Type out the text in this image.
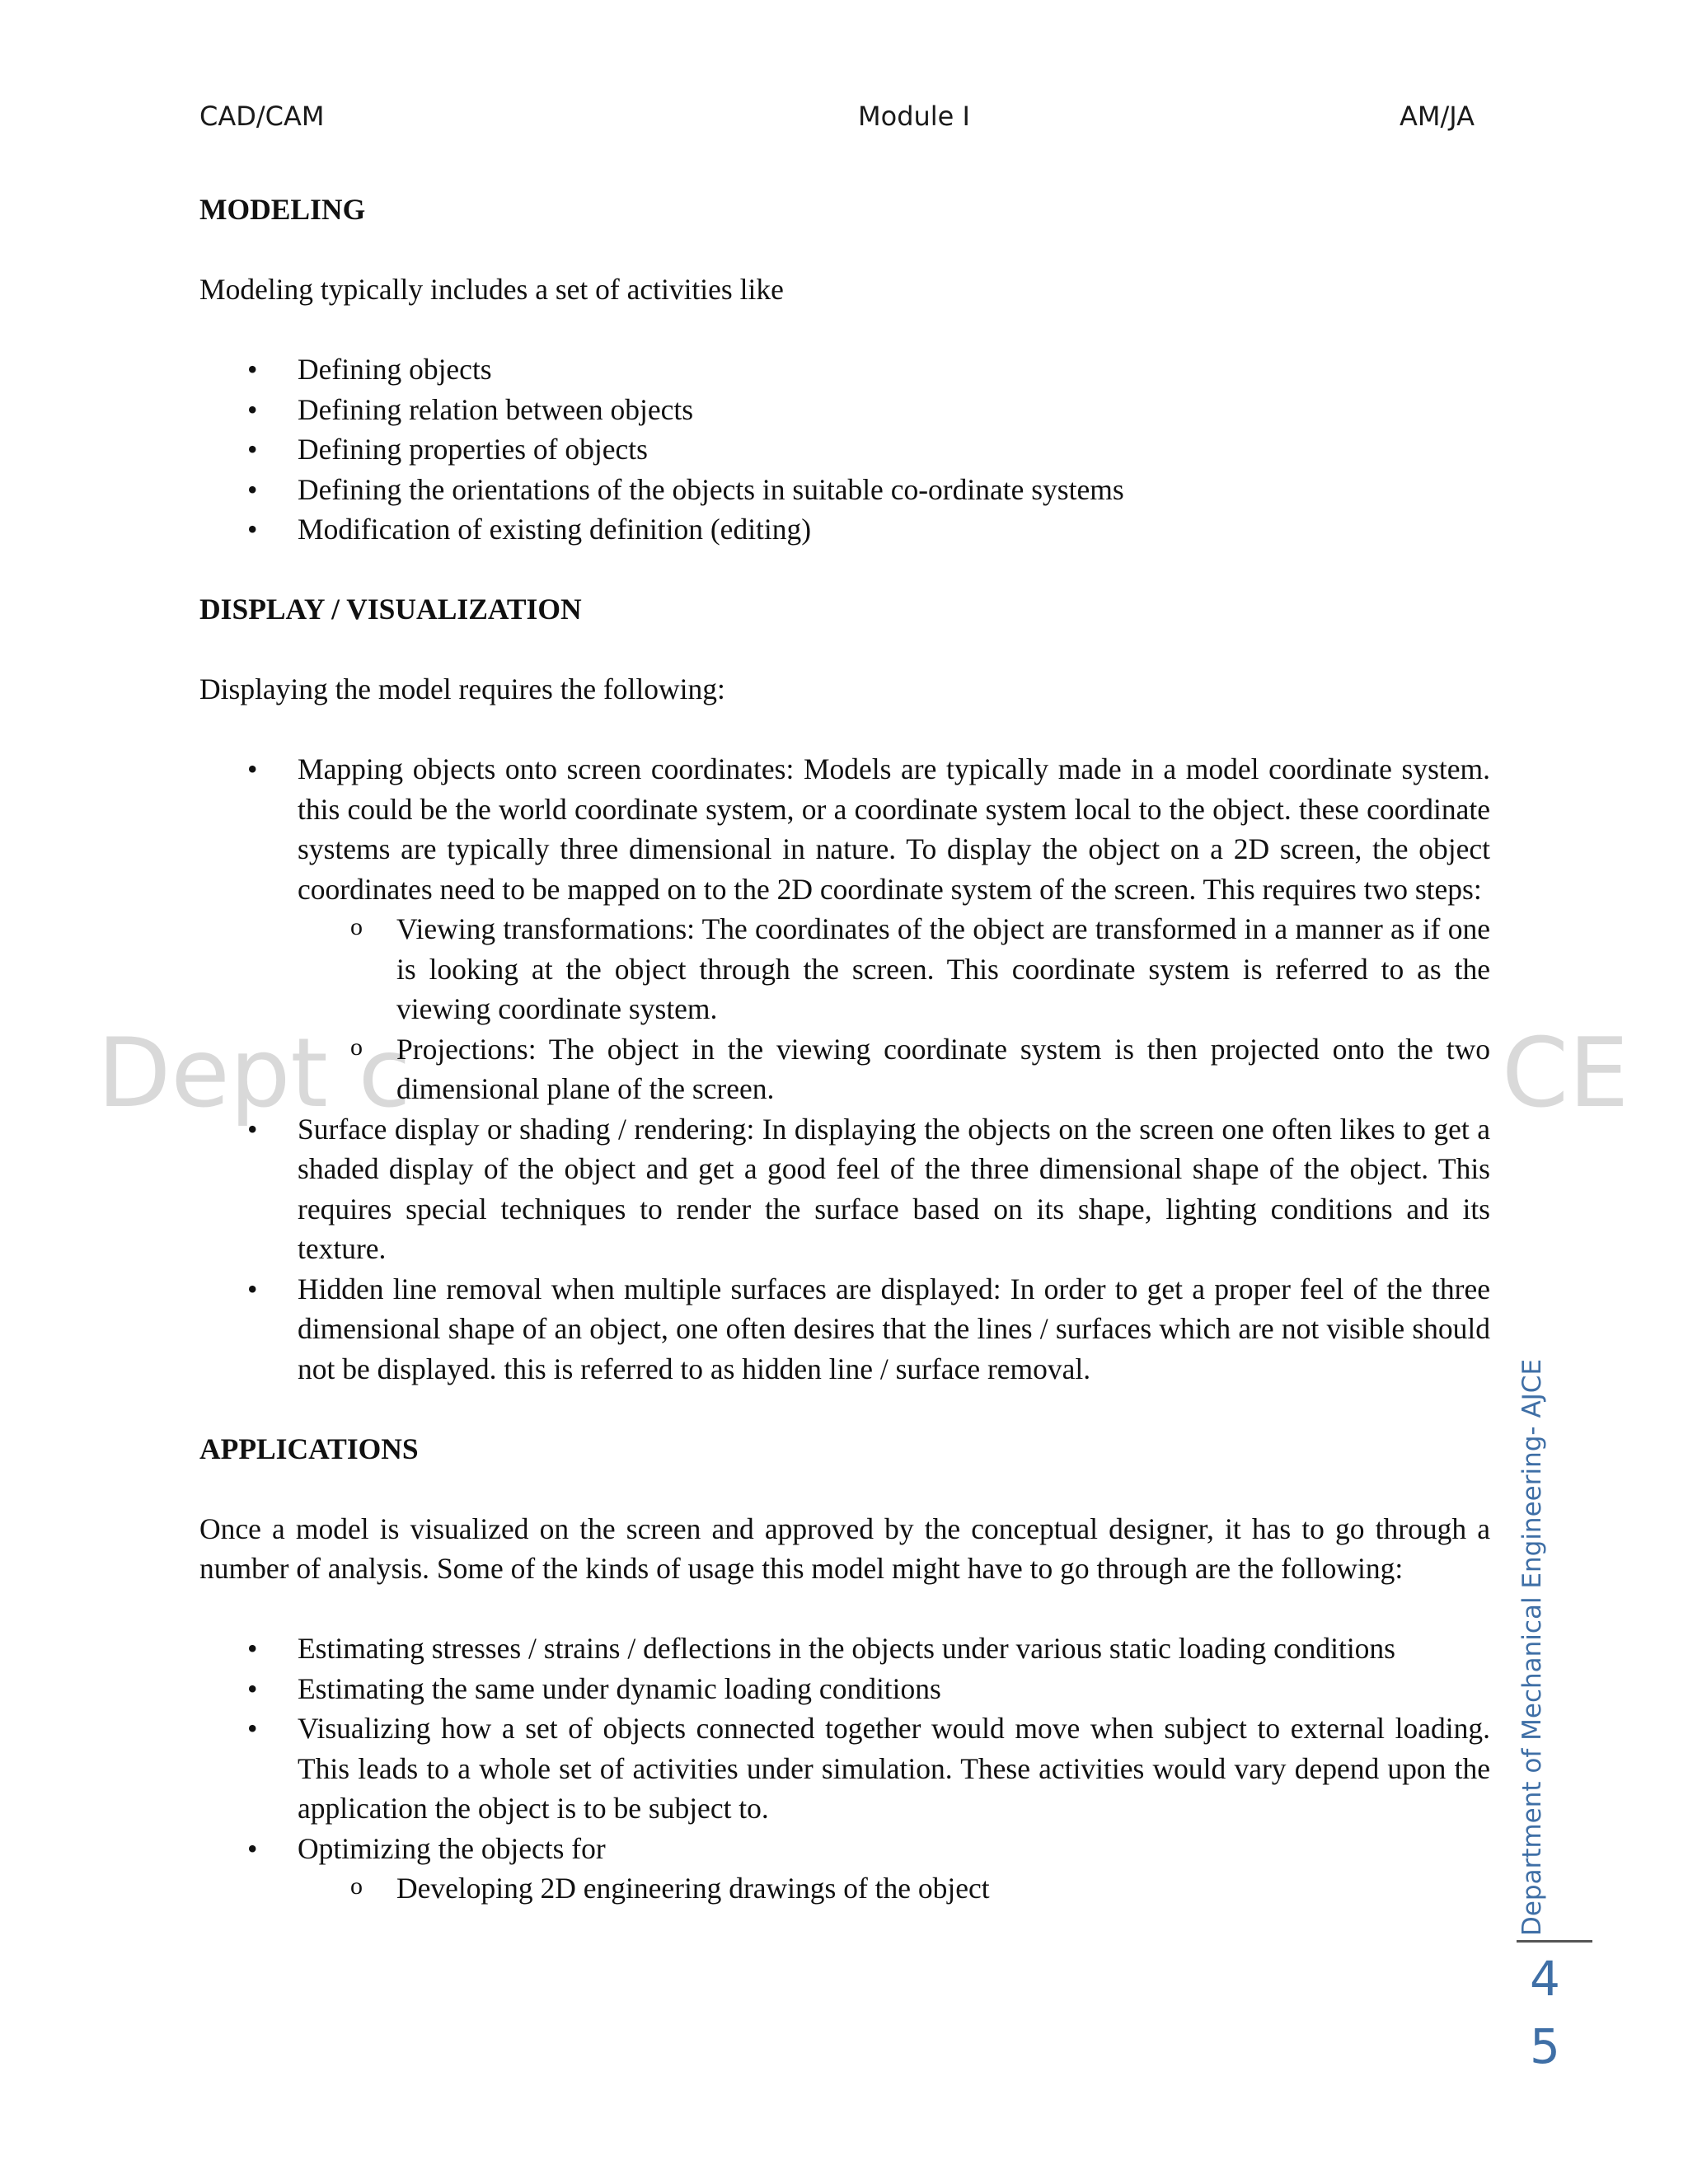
CAD/CAM	Module I	AM/JA
Dept c	CE

MODELING

Modeling typically includes a set of activities like

• Defining objects
• Defining relation between objects
• Defining properties of objects
• Defining the orientations of the objects in suitable co-ordinate systems
• Modification of existing definition (editing)

DISPLAY / VISUALIZATION

Displaying the model requires the following:

• Mapping objects onto screen coordinates: Models are typically made in a model coordinate system. this could be the world coordinate system, or a coordinate system local to the object. these coordinate systems are typically three dimensional in nature. To display the object on a 2D screen, the object coordinates need to be mapped on to the 2D coordinate system of the screen. This requires two steps:
o Viewing transformations: The coordinates of the object are transformed in a manner as if one is looking at the object through the screen. This coordinate system is referred to as the viewing coordinate system.
o Projections: The object in the viewing coordinate system is then projected onto the two dimensional plane of the screen.
• Surface display or shading / rendering: In displaying the objects on the screen one often likes to get a shaded display of the object and get a good feel of the three dimensional shape of the object. This requires special techniques to render the surface based on its shape, lighting conditions and its texture.
• Hidden line removal when multiple surfaces are displayed: In order to get a proper feel of the three dimensional shape of an object, one often desires that the lines / surfaces which are not visible should not be displayed. this is referred to as hidden line / surface removal.

APPLICATIONS

Once a model is visualized on the screen and approved by the conceptual designer, it has to go through a number of analysis. Some of the kinds of usage this model might have to go through are the following:

• Estimating stresses / strains / deflections in the objects under various static loading conditions
• Estimating the same under dynamic loading conditions
• Visualizing how a set of objects connected together would move when subject to external loading. This leads to a whole set of activities under simulation. These activities would vary depend upon the application the object is to be subject to.
• Optimizing the objects for
o Developing 2D engineering drawings of the object	Department of Mechanical Engineering- AJCE
4
5
